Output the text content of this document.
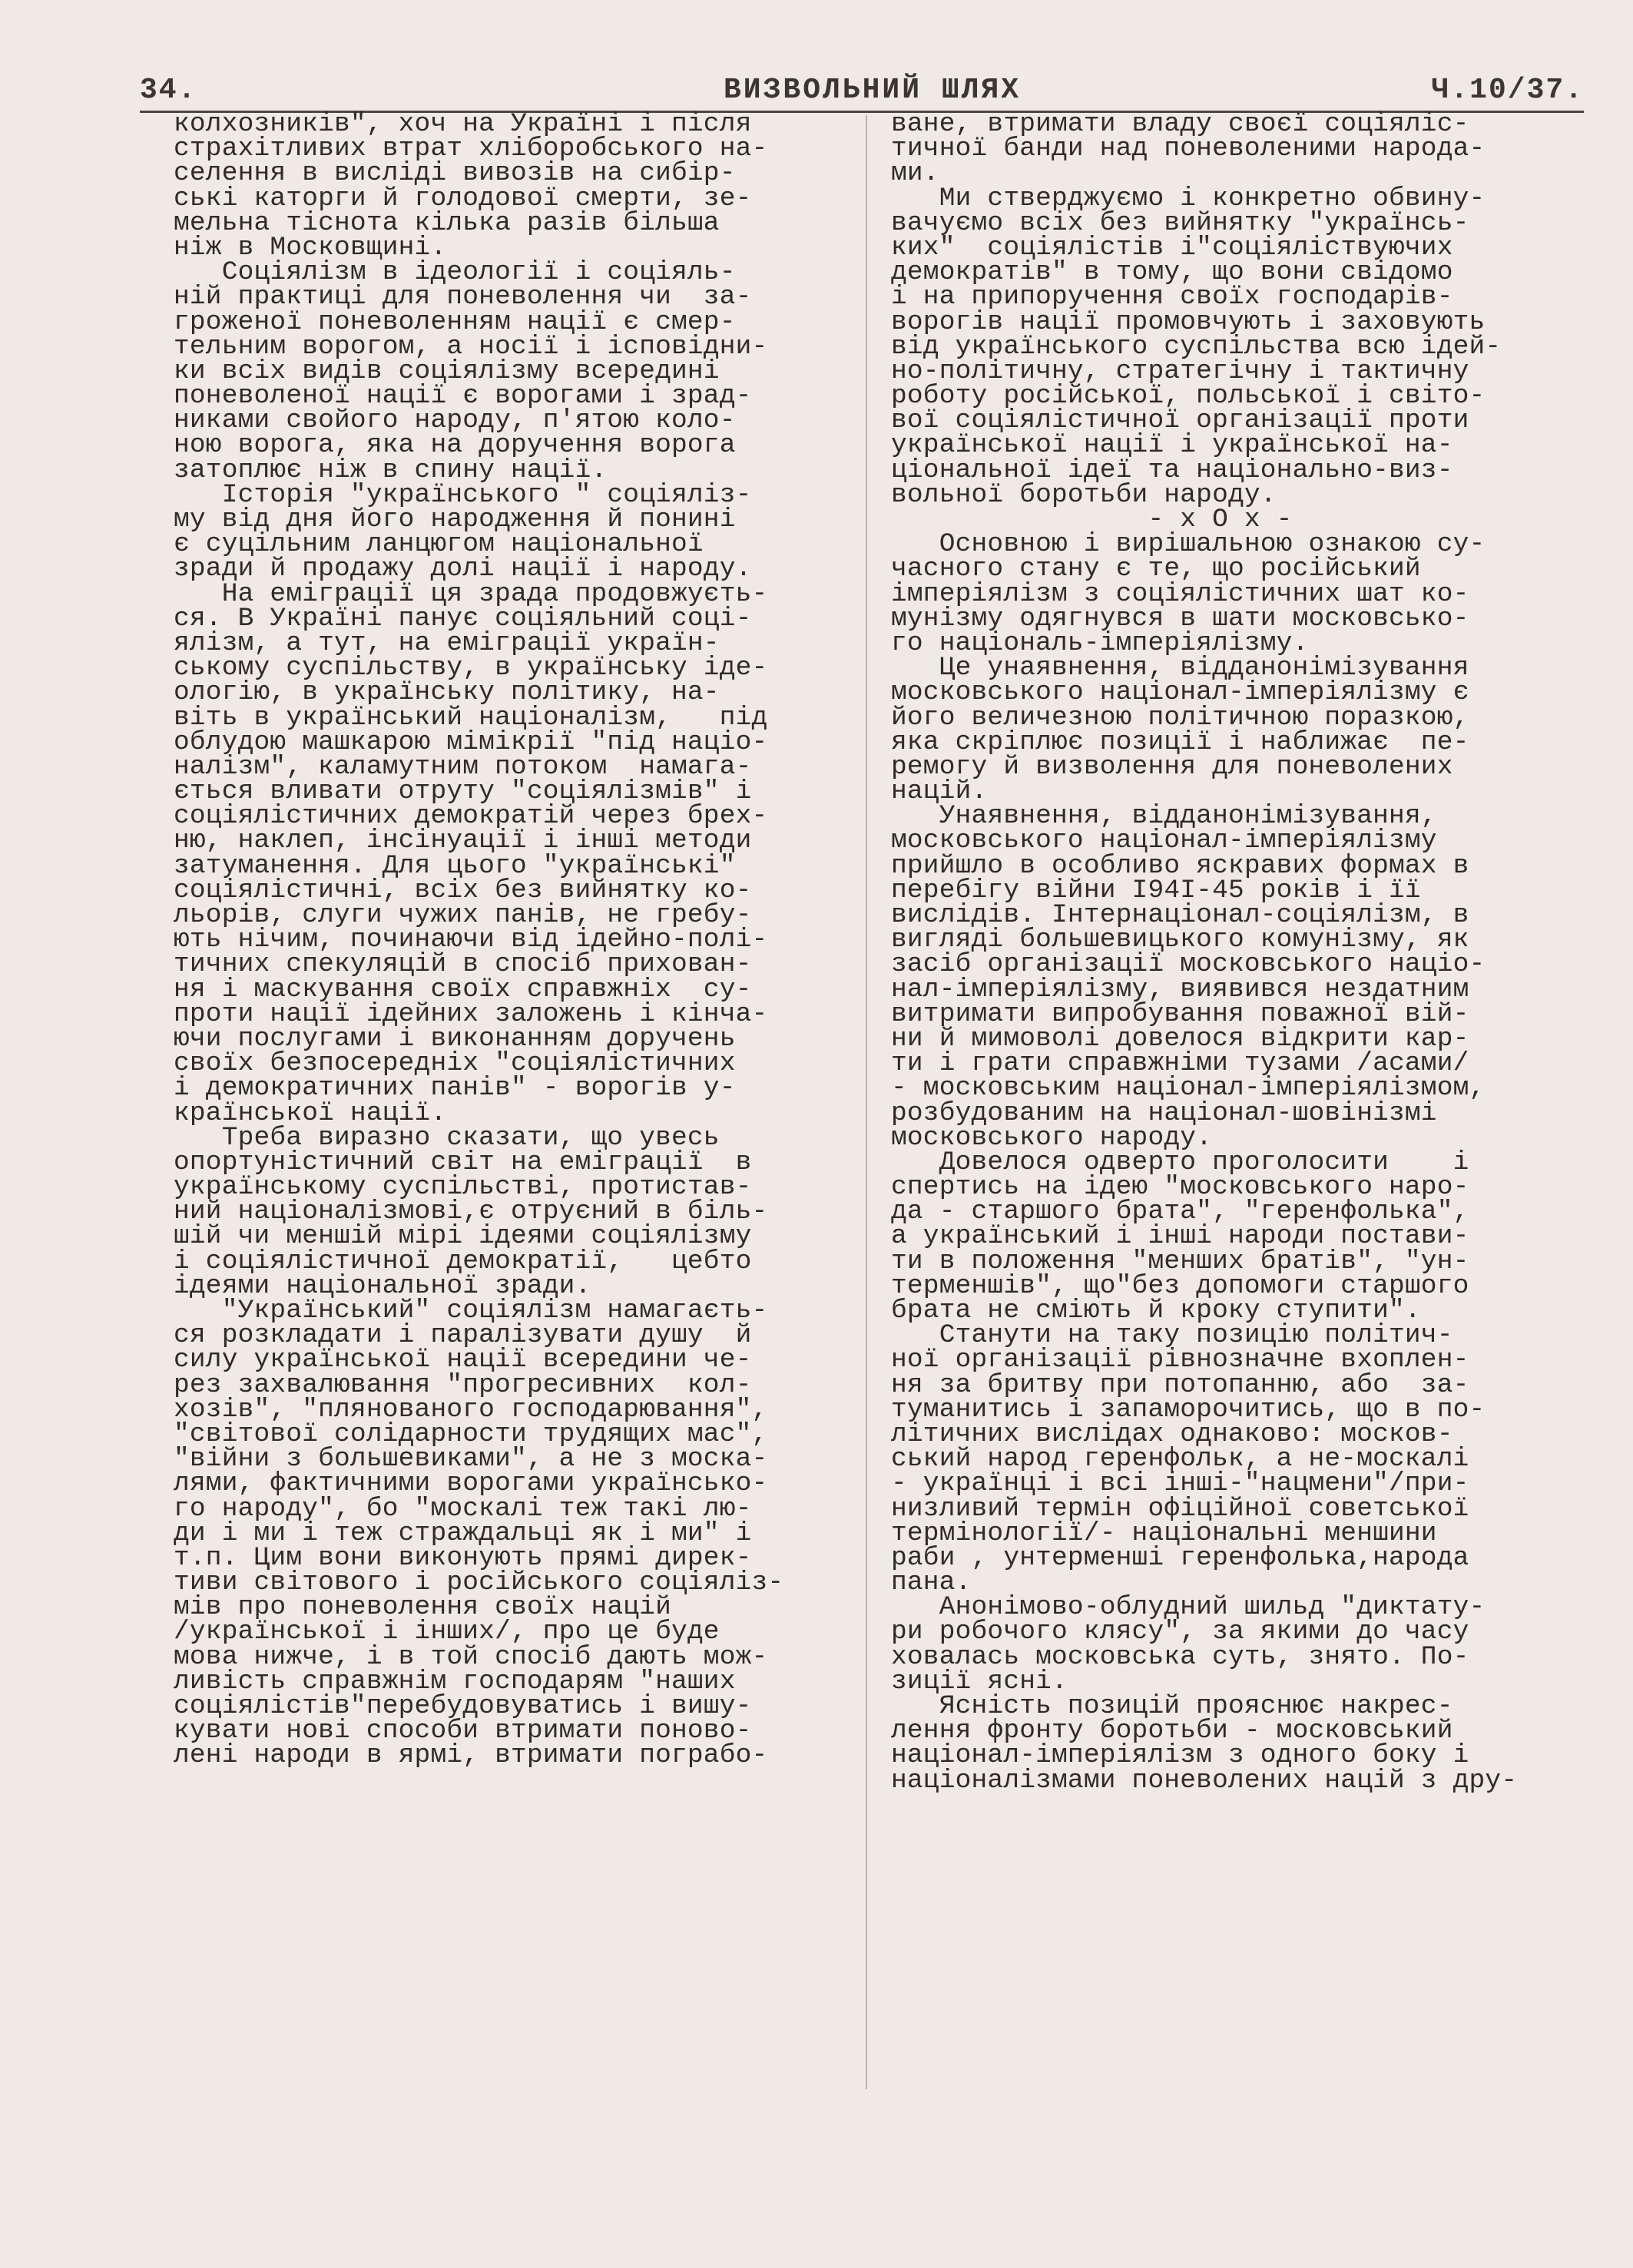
34.	ВИЗВОЛЬНИЙ ШЛЯХ	Ч.10/37.
колхозників", хоч на Україні і після
страхітливих втрат хліборобського на-
селення в висліді вивозів на сибір-
ські каторги й голодової смерти, зе-
мельна тіснота кілька разів більша
ніж в Московщині.
Соціялізм в ідеології і соціяль-
ній практиці для поневолення чи  за-
гроженої поневоленням нації є смер-
тельним ворогом, а носії і ісповідни-
ки всіх видів соціялізму всередині
поневоленої нації є ворогами і зрад-
никами свойого народу, п'ятою коло-
ною ворога, яка на доручення ворога
затоплює ніж в спину нації.
Історія "українського " соціяліз-
му від дня його народження й понині
є суцільним ланцюгом національної
зради й продажу долі нації і народу.
На еміграції ця зрада продовжуєть-
ся. В Україні панує соціяльний соці-
ялізм, а тут, на еміграції україн-
ському суспільству, в українську іде-
ологію, в українську політику, на-
віть в український націоналізм,   під
облудою машкарою мімікрії "під націо-
налізм", каламутним потоком  намага-
ється вливати отруту "соціялізмів" і
соціялістичних демократій через брех-
ню, наклеп, інсінуації і інші методи
затуманення. Для цього "українські"
соціялістичні, всіх без вийнятку ко-
льорів, слуги чужих панів, не гребу-
ють нічим, починаючи від ідейно-полі-
тичних спекуляцій в спосіб прихован-
ня і маскування своїх справжніх  су-
проти нації ідейних заложень і кінча-
ючи послугами і виконанням доручень
своїх безпосередніх "соціялістичних
і демократичних панів" - ворогів у-
країнської нації.
Треба виразно сказати, що увесь
опортуністичний світ на еміграції  в
українському суспільстві, протистав-
ний націоналізмові,є отруєний в біль-
шій чи меншій мірі ідеями соціялізму
і соціялістичної демократії,   цебто
ідеями національної зради.
"Український" соціялізм намагаєть-
ся розкладати і паралізувати душу  й
силу української нації всередини че-
рез захвалювання "прогресивних  кол-
хозів", "плянованого господарювання",
"світової солідарности трудящих мас",
"війни з большевиками", а не з москa-
лями, фактичними ворогами українсько-
го народу", бо "москалі теж такі лю-
ди і ми і теж страждальці як і ми" і
т.п. Цим вони виконують прямі дирек-
тиви світового і російського соціяліз-
мів про поневолення своїх націй
/української і інших/, про це буде
мова нижче, і в той спосіб дають мож-
ливість справжнім господарям "наших
соціялістів"перебудовуватись і вишу-
кувати нові способи втримати поново-
лені народи в ярмі, втримати пограбо-
ване, втримати владу своєї соціяліс-
тичної банди над поневоленими народа-
ми.
Ми стверджуємо і конкретно обвину-
вачуємо всіх без вийнятку "українсь-
ких"  соціялістів і"соціяліствуючих
демократів" в тому, що вони свідомо
і на припоручення своїх господарів-
ворогів нації промовчують і заховують
від українського суспільства всю ідей-
но-політичну, стратегічну і тактичну
роботу російської, польської і світо-
вої соціялістичної організації проти
української нації і української на-
ціональної ідеї та національно-виз-
вольної боротьби народу.
- x O x -
Основною і вирішальною ознакою су-
часного стану є те, що російський
імперіялізм з соціялістичних шат ко-
мунізму одягнувся в шати московсько-
го національ-імперіялізму.
Це унаявнення, відданонімізування
московського націонал-імперіялізму є
його величезною політичною поразкою,
яка скріплює позиції і наближає  пе-
ремогу й визволення для поневолених
націй.
Унаявнення, відданонімізування,
московського націонал-імперіялізму
прийшло в особливо яскравих формах в
перебігу війни I94I-45 років і її
вислідів. Інтернаціонал-соціялізм, в
вигляді большевицького комунізму, як
засіб організації московського націо-
нал-імперіялізму, виявився нездатним
витримати випробування поважної вій-
ни й мимоволі довелося відкрити кар-
ти і грати справжніми тузами /асами/
- московським націонал-імперіялізмом,
розбудованим на націонал-шовінізмі
московського народу.
Довелося одверто проголосити    і
спертись на ідею "московського наро-
да - старшого брата", "геренфолька",
а український і інші народи постави-
ти в положення "менших братів", "ун-
терменшів", що"без допомоги старшого
брата не сміють й кроку ступити".
Станути на таку позицію політич-
ної організації рівнозначне вхоплен-
ня за бритву при потопанню, або  за-
туманитись і запаморочитись, що в по-
літичних вислідах однаково: москов-
ський народ геренфольк, а не-москалі
- українці і всі інші-"нацмени"/при-
низливий термін офіційної советської
термінології/- національні меншини
раби , унтерменші геренфолька,народа
пана.
Анонімово-облудний шильд "диктату-
ри робочого кляcу", за якими до часу
ховалась московська суть, знято. По-
зиції ясні.
Ясність позицій прояснює накрес-
лення фронту боротьби - московський
націонал-імперіялізм з одного боку і
націоналізмами поневолених націй з дру-
